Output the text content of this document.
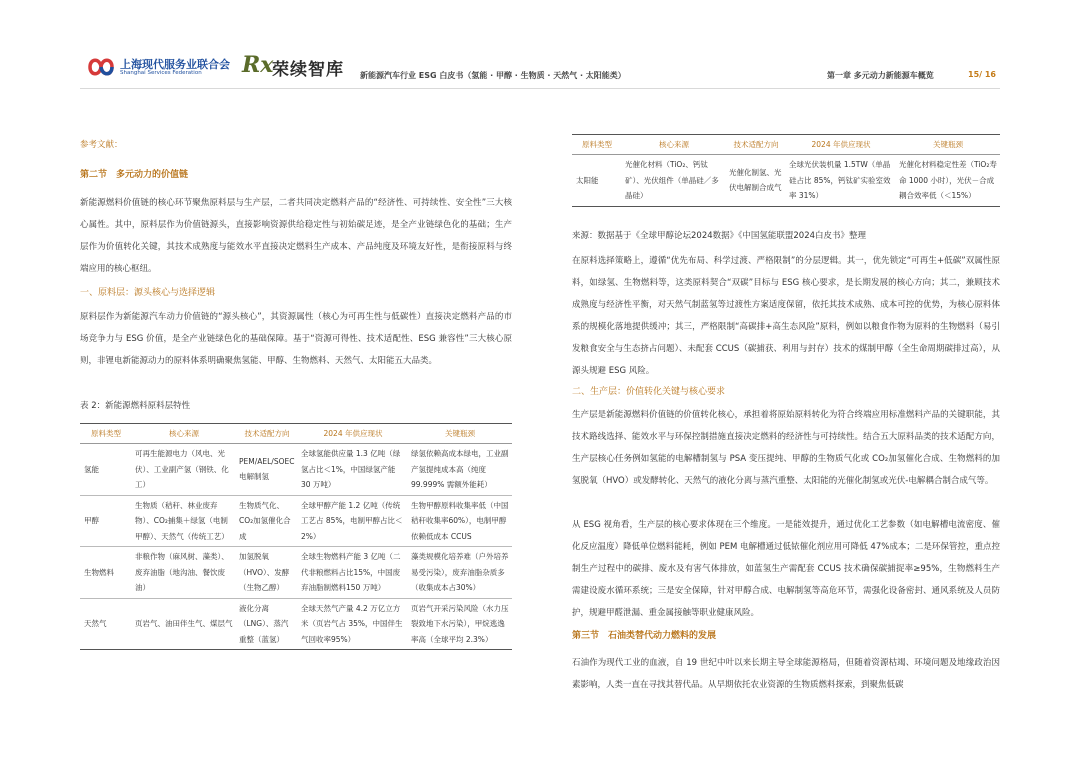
上海现代服务业联合会
Shanghai Services Federation Rx
荣续智库 新能源汽车行业 ESG 白皮书（氢能 · 甲醇 · 生物质 · 天然气 · 太阳能类）	第一章 多元动力新能源车概览	15/ 16
参考文献：
第二节　多元动力的价值链

新能源燃料价值链的核心环节聚焦原料层与生产层，二者共同决定燃料产品的“经济性、可持续性、安全性”三大核心属性。其中，原料层作为价值链源头，直接影响资源供给稳定性与初始碳足迹，是全产业链绿色化的基础；生产层作为价值转化关键，其技术成熟度与能效水平直接决定燃料生产成本、产品纯度及环境友好性，是衔接原料与终端应用的核心枢纽。

一、原料层：源头核心与选择逻辑

原料层作为新能源汽车动力价值链的“源头核心”，其资源属性（核心为可再生性与低碳性）直接决定燃料产品的市场竞争力与 ESG 价值，是全产业链绿色化的基础保障。基于“资源可得性、技术适配性、ESG 兼容性”三大核心原则，非锂电新能源动力的原料体系明确聚焦氢能、甲醇、生物燃料、天然气、太阳能五大品类。

表 2：新能源燃料原料层特性
原料类型	核心来源	技术适配方向	2024 年供应现状	关键瓶颈
氢能	可再生能源电力（风电、光伏）、工业副产氢（钢铁、化工）	PEM/AEL/SOEC 电解制氢	全球氢能供应量 1.3 亿吨（绿氢占比＜1%，中国绿氢产能 30 万吨）	绿氢依赖高成本绿电，工业副产氢提纯成本高（纯度 99.999% 需额外能耗）
甲醇	生物质（秸秆、林业废弃物）、CO₂捕集＋绿氢（电制甲醇）、天然气（传统工艺）	生物质气化、CO₂加氢催化合成	全球甲醇产能 1.2 亿吨（传统工艺占 85%，电制甲醇占比＜2%）	生物甲醇原料收集率低（中国秸秆收集率60%），电制甲醇依赖低成本 CCUS
生物燃料	非粮作物（麻风树、藻类）、废弃油脂（地沟油、餐饮废油）	加氢脱氧（HVO）、发酵（生物乙醇）	全球生物燃料产能 3 亿吨（二代非粮燃料占比15%，中国废弃油脂制燃料150 万吨）	藻类规模化培养难（户外培养易受污染），废弃油脂杂质多（收集成本占30%）
天然气	页岩气、油田伴生气、煤层气	液化分离（LNG）、蒸汽重整（蓝氢）	全球天然气产量 4.2 万亿立方米（页岩气占 35%，中国伴生气回收率95%）	页岩气开采污染风险（水力压裂致地下水污染），甲烷逃逸率高（全球平均 2.3%）
原料类型	核心来源	技术适配方向	2024 年供应现状	关键瓶颈
太阳能	光催化材料（TiO₂、钙钛矿）、光伏组件（单晶硅／多晶硅）	光催化制氢、光伏电解制合成气	全球光伏装机量 1.5TW（单晶硅占比 85%，钙钛矿实验室效率 31%）	光催化材料稳定性差（TiO₂寿命 1000 小时），光伏－合成耦合效率低（＜15%）
来源：数据基于《全球甲醇论坛2024数据》《中国氢能联盟2024白皮书》整理

在原料选择策略上，遵循“优先布局、科学过渡、严格限制”的分层逻辑。其一，优先锁定“可再生+低碳”双属性原料，如绿氢、生物燃料等，这类原料契合“双碳”目标与 ESG 核心要求，是长期发展的核心方向；其二，兼顾技术成熟度与经济性平衡，对天然气制蓝氢等过渡性方案适度保留，依托其技术成熟、成本可控的优势，为核心原料体系的规模化落地提供缓冲；其三，严格限制“高碳排+高生态风险”原料，例如以粮食作物为原料的生物燃料（易引发粮食安全与生态挤占问题）、未配套 CCUS（碳捕获、利用与封存）技术的煤制甲醇（全生命周期碳排过高），从源头规避 ESG 风险。

二、生产层：价值转化关键与核心要求

生产层是新能源燃料价值链的价值转化核心，承担着将原始原料转化为符合终端应用标准燃料产品的关键职能，其技术路线选择、能效水平与环保控制措施直接决定燃料的经济性与可持续性。结合五大原料品类的技术适配方向，生产层核心任务例如氢能的电解槽制氢与 PSA 变压提纯、甲醇的生物质气化或 CO₂加氢催化合成、生物燃料的加氢脱氧（HVO）或发酵转化、天然气的液化分离与蒸汽重整、太阳能的光催化制氢或光伏-电解耦合制合成气等。

从 ESG 视角看，生产层的核心要求体现在三个维度。一是能效提升，通过优化工艺参数（如电解槽电流密度、催化反应温度）降低单位燃料能耗，例如 PEM 电解槽通过低铱催化剂应用可降低 47%成本；二是环保管控，重点控制生产过程中的碳排、废水及有害气体排放，如蓝氢生产需配套 CCUS 技术确保碳捕捉率≥95%，生物燃料生产需建设废水循环系统；三是安全保障，针对甲醇合成、电解制氢等高危环节，需强化设备密封、通风系统及人员防护，规避甲醛泄漏、重金属接触等职业健康风险。

第三节　石油类替代动力燃料的发展

石油作为现代工业的血液，自 19 世纪中叶以来长期主导全球能源格局，但随着资源枯竭、环境问题及地缘政治因素影响，人类一直在寻找其替代品。从早期依托农业资源的生物质燃料探索，到聚焦低碳
